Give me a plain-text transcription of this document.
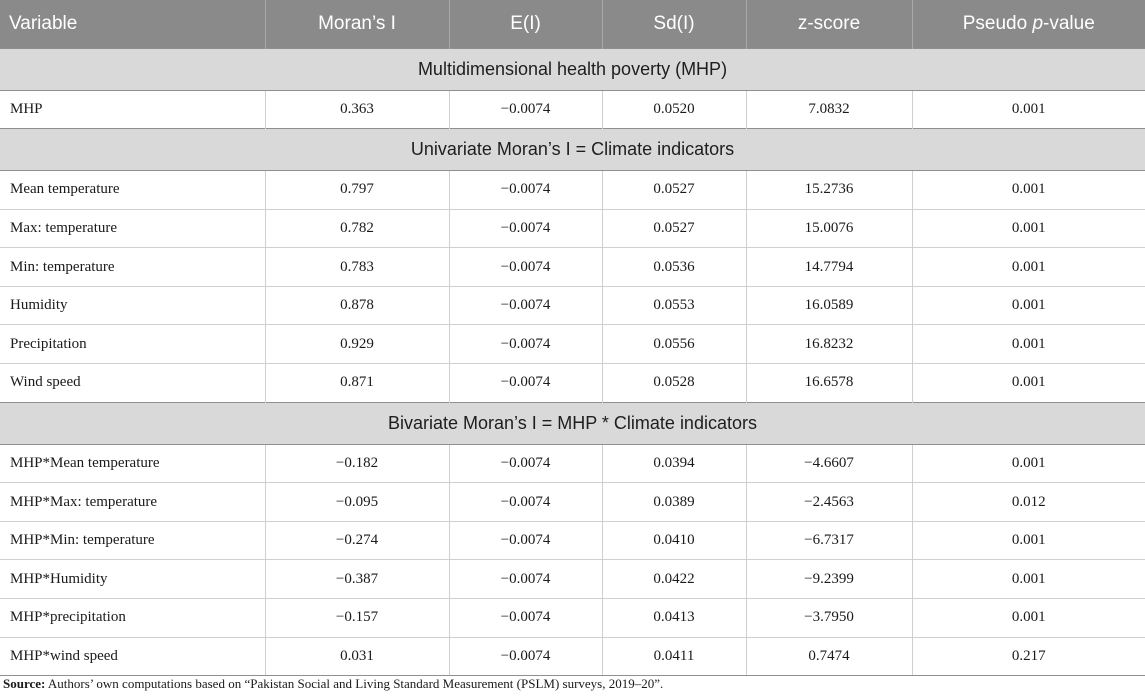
Variable	Moran’s I	E(I)	Sd(I)	z-score	Pseudo p-value
Multidimensional health poverty (MHP)					
MHP	0.363	−0.0074	0.0520	7.0832	0.001
Univariate Moran’s I = Climate indicators					
Mean temperature	0.797	−0.0074	0.0527	15.2736	0.001
Max: temperature	0.782	−0.0074	0.0527	15.0076	0.001
Min: temperature	0.783	−0.0074	0.0536	14.7794	0.001
Humidity	0.878	−0.0074	0.0553	16.0589	0.001
Precipitation	0.929	−0.0074	0.0556	16.8232	0.001
Wind speed	0.871	−0.0074	0.0528	16.6578	0.001
Bivariate Moran’s I = MHP * Climate indicators					
MHP*Mean temperature	−0.182	−0.0074	0.0394	−4.6607	0.001
MHP*Max: temperature	−0.095	−0.0074	0.0389	−2.4563	0.012
MHP*Min: temperature	−0.274	−0.0074	0.0410	−6.7317	0.001
MHP*Humidity	−0.387	−0.0074	0.0422	−9.2399	0.001
MHP*precipitation	−0.157	−0.0074	0.0413	−3.7950	0.001
MHP*wind speed	0.031	−0.0074	0.0411	0.7474	0.217
Source: Authors’ own computations based on “Pakistan Social and Living Standard Measurement (PSLM) surveys, 2019–20”.
